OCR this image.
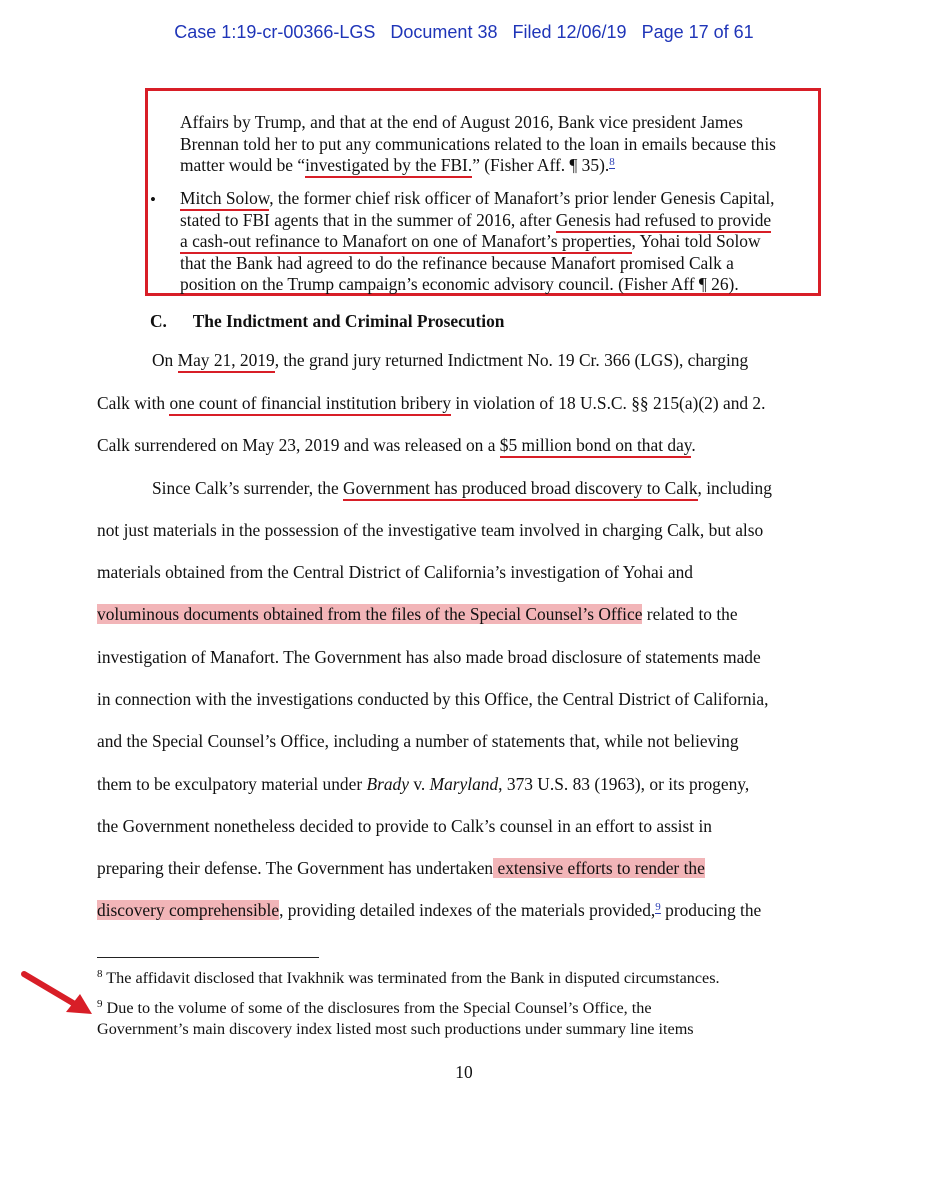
Case 1:19-cr-00366-LGS Document 38 Filed 12/06/19 Page 17 of 61
Affairs by Trump, and that at the end of August 2016, Bank vice president James
Brennan told her to put any communications related to the loan in emails because this
matter would be “investigated by the FBI.” (Fisher Aff. ¶ 35).$^8$
• Mitch Solow, the former chief risk officer of Manafort’s prior lender Genesis Capital,
stated to FBI agents that in the summer of 2016, after Genesis had refused to provide
a cash-out refinance to Manafort on one of Manafort’s properties, Yohai told Solow
that the Bank had agreed to do the refinance because Manafort promised Calk a
position on the Trump campaign’s economic advisory council. (Fisher Aff ¶ 26).
C. The Indictment and Criminal Prosecution
On May 21, 2019, the grand jury returned Indictment No. 19 Cr. 366 (LGS), charging
Calk with one count of financial institution bribery in violation of 18 U.S.C. §§ 215(a)(2) and 2.
Calk surrendered on May 23, 2019 and was released on a $5 million bond on that day.
Since Calk’s surrender, the Government has produced broad discovery to Calk, including
not just materials in the possession of the investigative team involved in charging Calk, but also
materials obtained from the Central District of California’s investigation of Yohai and
voluminous documents obtained from the files of the Special Counsel’s Office related to the
investigation of Manafort. The Government has also made broad disclosure of statements made
in connection with the investigations conducted by this Office, the Central District of California,
and the Special Counsel’s Office, including a number of statements that, while not believing
them to be exculpatory material under Brady v. Maryland, 373 U.S. 83 (1963), or its progeny,
the Government nonetheless decided to provide to Calk’s counsel in an effort to assist in
preparing their defense. The Government has undertaken extensive efforts to render the
discovery comprehensible, providing detailed indexes of the materials provided,$^9$ producing the
$^8$ The affidavit disclosed that Ivakhnik was terminated from the Bank in disputed circumstances.
$^9$ Due to the volume of some of the disclosures from the Special Counsel’s Office, the
Government’s main discovery index listed most such productions under summary line items
10
